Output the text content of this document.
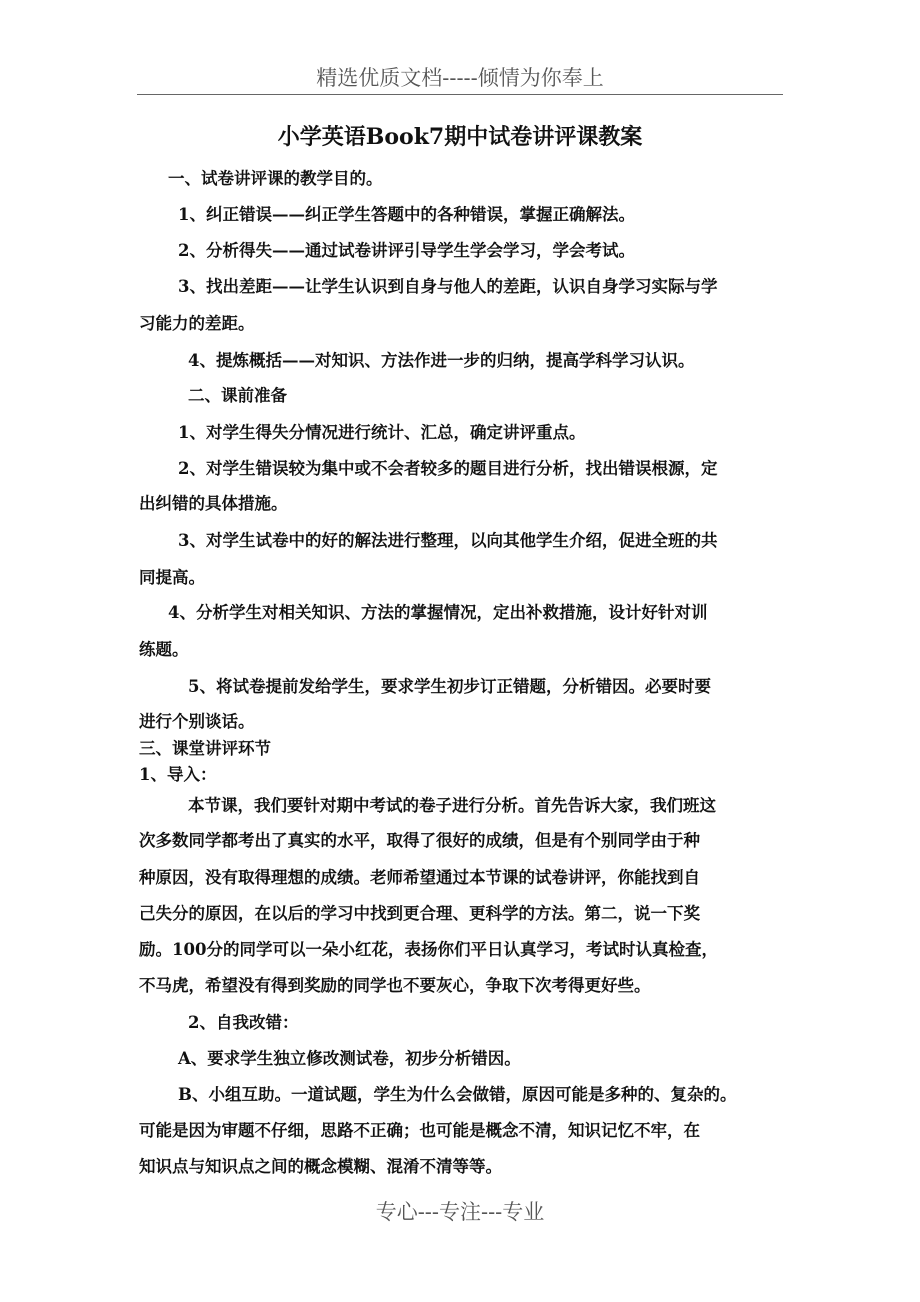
精选优质文档-----倾情为你奉上
小学英语Book7期中试卷讲评课教案
一、试卷讲评课的教学目的。
1、纠正错误——纠正学生答题中的各种错误，掌握正确解法。
2、分析得失——通过试卷讲评引导学生学会学习，学会考试。
3、找出差距——让学生认识到自身与他人的差距，认识自身学习实际与学
习能力的差距。
4、提炼概括——对知识、方法作进一步的归纳，提高学科学习认识。
二、课前准备
1、对学生得失分情况进行统计、汇总，确定讲评重点。
2、对学生错误较为集中或不会者较多的题目进行分析，找出错误根源，定
出纠错的具体措施。
3、对学生试卷中的好的解法进行整理，以向其他学生介绍，促进全班的共
同提高。
4、分析学生对相关知识、方法的掌握情况，定出补救措施，设计好针对训
练题。
5、将试卷提前发给学生，要求学生初步订正错题，分析错因。必要时要
进行个别谈话。
三、课堂讲评环节
1、导入：
本节课，我们要针对期中考试的卷子进行分析。首先告诉大家，我们班这
次多数同学都考出了真实的水平，取得了很好的成绩，但是有个别同学由于种
种原因，没有取得理想的成绩。老师希望通过本节课的试卷讲评，你能找到自
己失分的原因，在以后的学习中找到更合理、更科学的方法。第二，说一下奖
励。100分的同学可以一朵小红花，表扬你们平日认真学习，考试时认真检查，
不马虎，希望没有得到奖励的同学也不要灰心，争取下次考得更好些。
2、自我改错：
A、要求学生独立修改测试卷，初步分析错因。
B、小组互助。一道试题，学生为什么会做错，原因可能是多种的、复杂的。
可能是因为审题不仔细，思路不正确；也可能是概念不清，知识记忆不牢，在
知识点与知识点之间的概念模糊、混淆不清等等。
专心---专注---专业
